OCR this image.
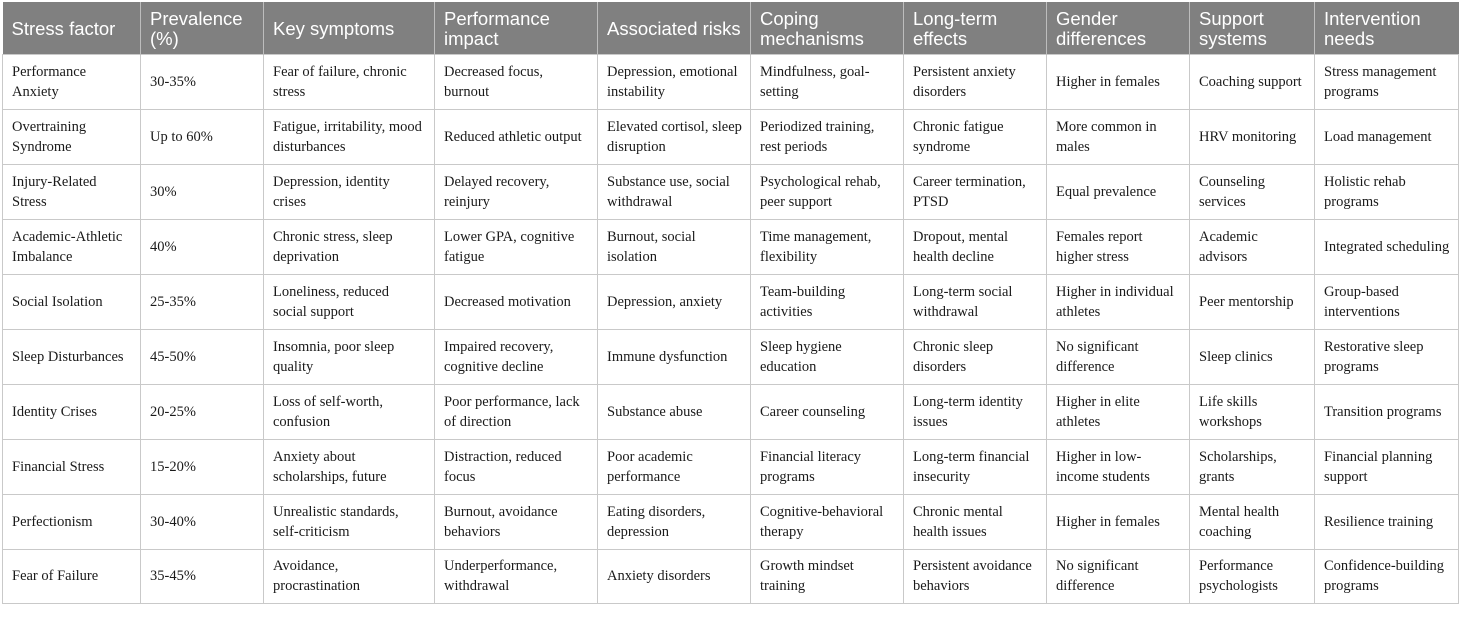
Stress factor	Prevalence (%)	Key symptoms	Performance impact	Associated risks	Coping mechanisms	Long-term effects	Gender differences	Support systems	Intervention needs
Performance Anxiety	30-35%	Fear of failure, chronic stress	Decreased focus, burnout	Depression, emotional instability	Mindfulness, goal-setting	Persistent anxiety disorders	Higher in females	Coaching support	Stress management programs
Overtraining Syndrome	Up to 60%	Fatigue, irritability, mood disturbances	Reduced athletic output	Elevated cortisol, sleep disruption	Periodized training, rest periods	Chronic fatigue syndrome	More common in males	HRV monitoring	Load management
Injury-Related Stress	30%	Depression, identity crises	Delayed recovery, reinjury	Substance use, social withdrawal	Psychological rehab, peer support	Career termination, PTSD	Equal prevalence	Counseling services	Holistic rehab programs
Academic-Athletic Imbalance	40%	Chronic stress, sleep deprivation	Lower GPA, cognitive fatigue	Burnout, social isolation	Time management, flexibility	Dropout, mental health decline	Females report higher stress	Academic advisors	Integrated scheduling
Social Isolation	25-35%	Loneliness, reduced social support	Decreased motivation	Depression, anxiety	Team-building activities	Long-term social withdrawal	Higher in individual athletes	Peer mentorship	Group-based interventions
Sleep Disturbances	45-50%	Insomnia, poor sleep quality	Impaired recovery, cognitive decline	Immune dysfunction	Sleep hygiene education	Chronic sleep disorders	No significant difference	Sleep clinics	Restorative sleep programs
Identity Crises	20-25%	Loss of self-worth, confusion	Poor performance, lack of direction	Substance abuse	Career counseling	Long-term identity issues	Higher in elite athletes	Life skills workshops	Transition programs
Financial Stress	15-20%	Anxiety about scholarships, future	Distraction, reduced focus	Poor academic performance	Financial literacy programs	Long-term financial insecurity	Higher in low-income students	Scholarships, grants	Financial planning support
Perfectionism	30-40%	Unrealistic standards, self-criticism	Burnout, avoidance behaviors	Eating disorders, depression	Cognitive-behavioral therapy	Chronic mental health issues	Higher in females	Mental health coaching	Resilience training
Fear of Failure	35-45%	Avoidance, procrastination	Underperformance, withdrawal	Anxiety disorders	Growth mindset training	Persistent avoidance behaviors	No significant difference	Performance psychologists	Confidence-building programs
